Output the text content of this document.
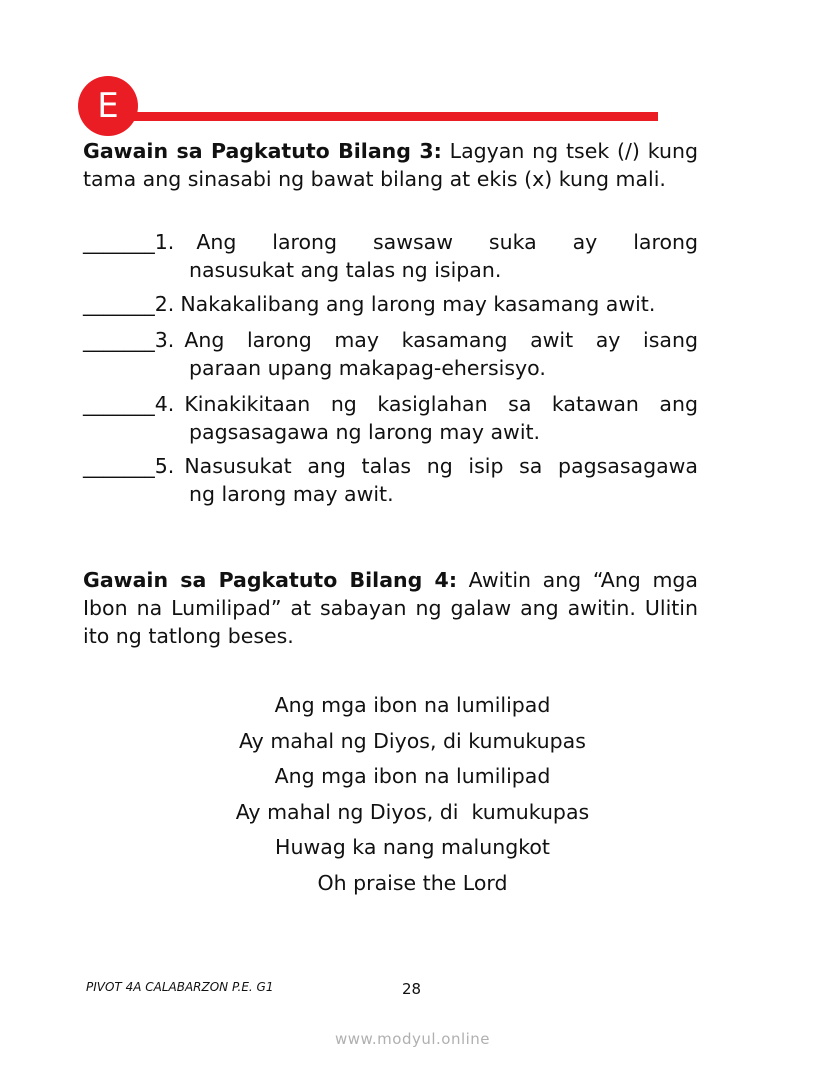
E
Gawain sa Pagkatuto Bilang 3: Lagyan ng tsek (/) kung tama ang sinasabi ng bawat bilang at ekis (x) kung mali.
_______ 1. Ang larong sawsaw suka ay larong
nasusukat ang talas ng isipan.
_______ 2. Nakakalibang ang larong may kasamang awit.
_______ 3. Ang larong may kasamang awit ay isang
paraan upang makapag-ehersisyo.
_______ 4. Kinakikitaan ng kasiglahan sa katawan ang
pagsasagawa ng larong may awit.
_______ 5. Nasusukat ang talas ng isip sa pagsasagawa
ng larong may awit.
Gawain sa Pagkatuto Bilang 4: Awitin ang “Ang mga Ibon na Lumilipad” at sabayan ng galaw ang awitin. Ulitin ito ng tatlong beses.
Ang mga ibon na lumilipad
Ay mahal ng Diyos, di kumukupas
Ang mga ibon na lumilipad
Ay mahal ng Diyos, di  kumukupas
Huwag ka nang malungkot
Oh praise the Lord
PIVOT 4A CALABARZON P.E. G1	28
www.modyul.online
